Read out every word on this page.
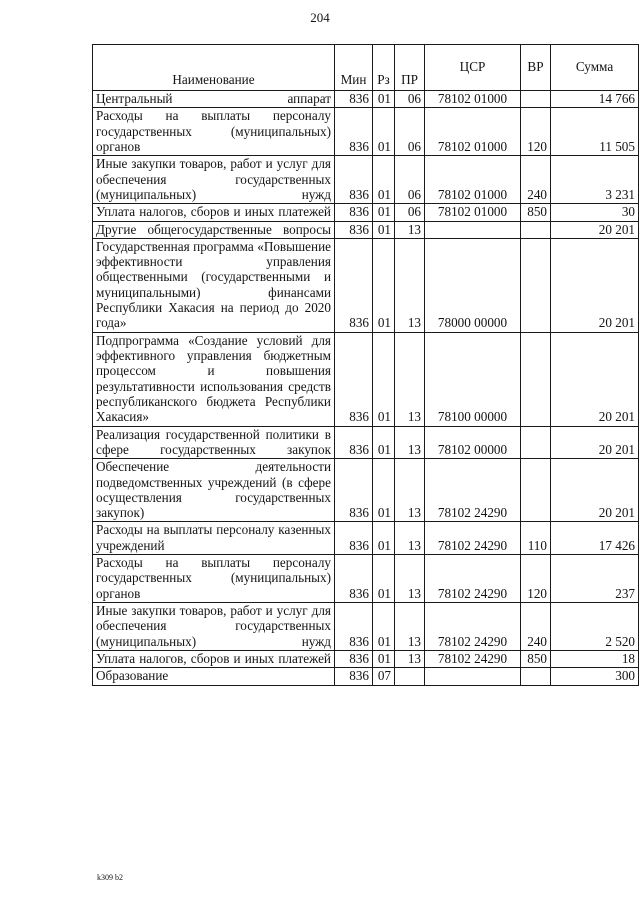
204
Наименование	Мин	Рз	ПР	ЦСР	ВР	Сумма
Центральный аппарат	836	01	06	78102 01000		14 766
Расходы на выплаты персоналу государственных (муниципальных) органов	836	01	06	78102 01000	120	11 505
Иные закупки товаров, работ и услуг для обеспечения государственных (муниципальных) нужд	836	01	06	78102 01000	240	3 231
Уплата налогов, сборов и иных платежей	836	01	06	78102 01000	850	30
Другие общегосударственные вопросы	836	01	13			20 201
Государственная программа «Повышение эффективности управления общественными (государственными и муниципальными) финансами Республики Хакасия на период до 2020 года»	836	01	13	78000 00000		20 201
Подпрограмма «Создание условий для эффективного управления бюджетным процессом и повышения результативности использования средств республиканского бюджета Республики Хакасия»	836	01	13	78100 00000		20 201
Реализация государственной политики в сфере государственных закупок	836	01	13	78102 00000		20 201
Обеспечение деятельности подведомственных учреждений (в сфере осуществления государственных закупок)	836	01	13	78102 24290		20 201
Расходы на выплаты персоналу казенных учреждений	836	01	13	78102 24290	110	17 426
Расходы на выплаты персоналу государственных (муниципальных) органов	836	01	13	78102 24290	120	237
Иные закупки товаров, работ и услуг для обеспечения государственных (муниципальных) нужд	836	01	13	78102 24290	240	2 520
Уплата налогов, сборов и иных платежей	836	01	13	78102 24290	850	18
Образование	836	07				300
k309 b2
